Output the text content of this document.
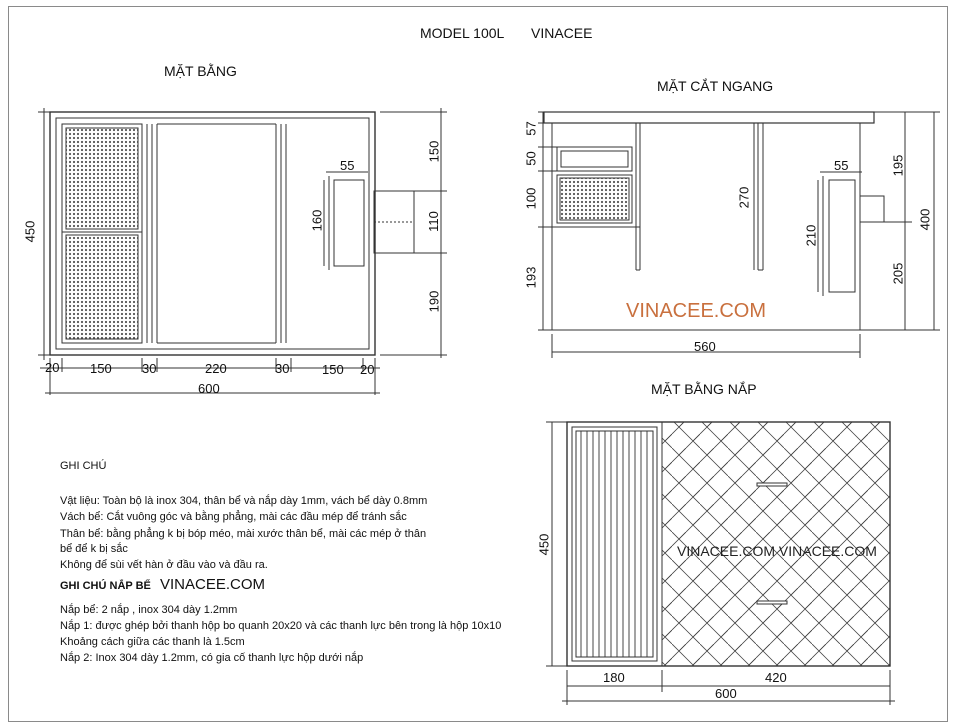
MODEL 100L VINACEE
MẶT BẰNG
20 150 30	220	30	150 20
600
450
55
160
150
110
190
MẶT CẮT NGANG
57
50
100
193
270
55
210
195
205
400
560
VINACEE.COM
MẶT BẰNG NẮP
450
180	420
600
VINACEE.COM VINACEE.COM
GHI CHÚ
Vật liệu: Toàn bộ là inox 304, thân bể và nắp dày 1mm, vách bể dày 0.8mm
Vách bể: Cắt vuông góc và bằng phẳng, mài các đầu mép để tránh sắc
Thân bể: bằng phẳng k bị bóp méo, mài xước thân bể, mài các mép ở thân
bể để k bị sắc
Không để sùi vết hàn ở đầu vào và đầu ra.
GHI CHÚ NẮP BỂ VINACEE.COM
Nắp bể: 2 nắp , inox 304 dày 1.2mm
Nắp 1: được ghép bởi thanh hộp bo quanh 20x20 và các thanh lực bên trong là hộp 10x10
Khoảng cách giữa các thanh là 1.5cm
Nắp 2: Inox 304 dày 1.2mm, có gia cố thanh lực hộp dưới nắp
